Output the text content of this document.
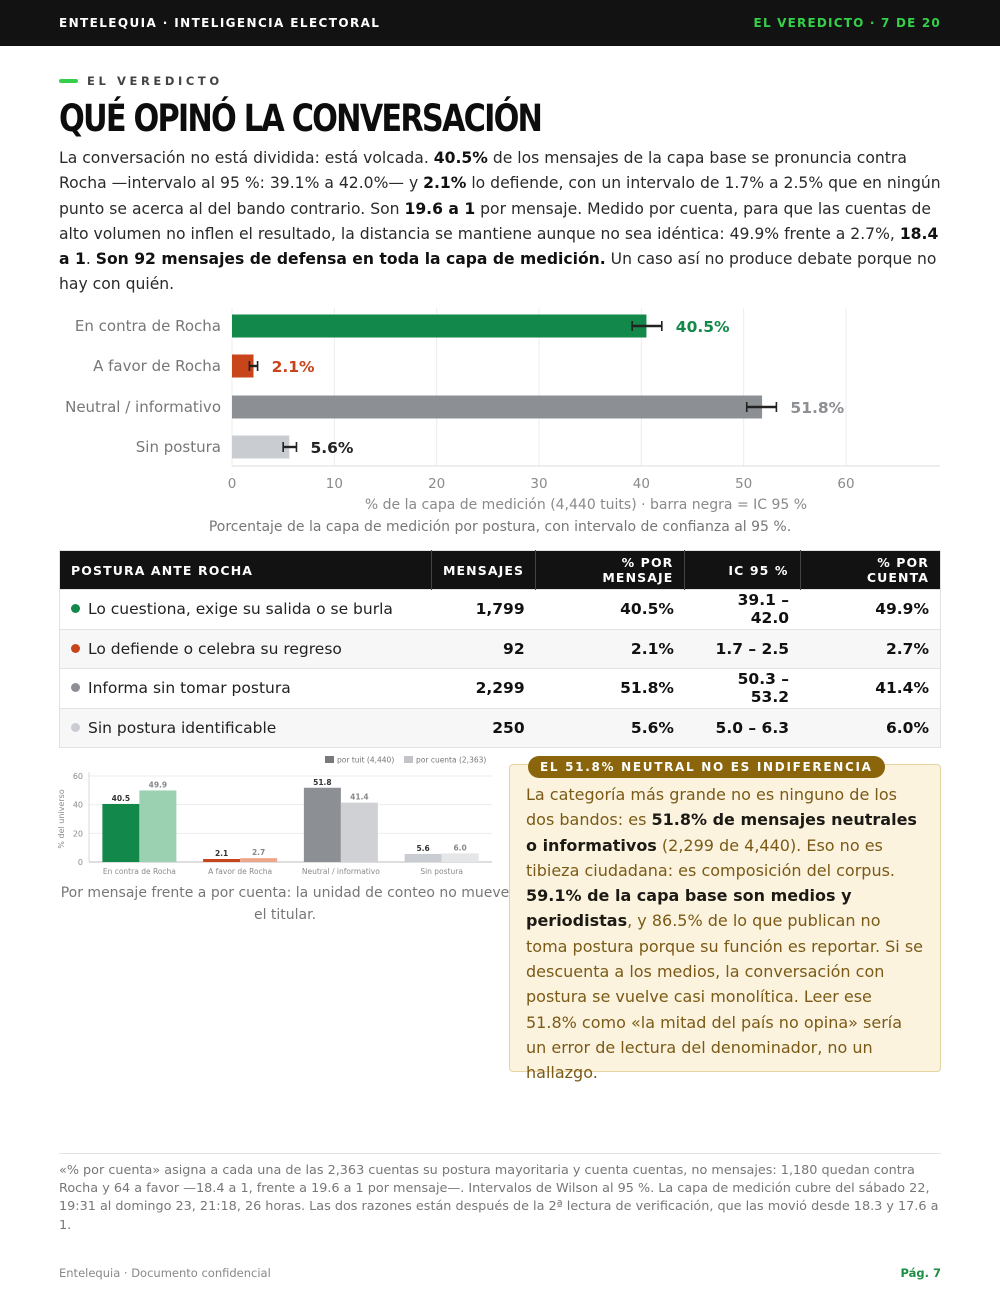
ENTELEQUIA · INTELIGENCIA ELECTORAL	EL VEREDICTO · 7 DE 20
EL VEREDICTO
QUÉ OPINÓ LA CONVERSACIÓN

La conversación no está dividida: está volcada. 40.5% de los mensajes de la capa base se pronuncia contra Rocha —intervalo al 95 %: 39.1% a 42.0%— y 2.1% lo defiende, con un intervalo de 1.7% a 2.5% que en ningún punto se acerca al del bando contrario. Son 19.6 a 1 por mensaje. Medido por cuenta, para que las cuentas de alto volumen no inflen el resultado, la distancia se mantiene aunque no sea idéntica: 49.9% frente a 2.7%, 18.4 a 1. Son 92 mensajes de defensa en toda la capa de medición. Un caso así no produce debate porque no hay con quién.

0	10	20	30	40	50	60
En contra de Rocha	40.5%
A favor de Rocha	2.1%
Neutral / informativo	51.8%
Sin postura	5.6%
% de la capa de medición (4,440 tuits) · barra negra = IC 95 %
Porcentaje de la capa de medición por postura, con intervalo de confianza al 95 %.
POSTURA ANTE ROCHA	MENSAJES	% POR MENSAJE	IC 95 %	% POR CUENTA
Lo cuestiona, exige su salida o se burla	1,799	40.5%	39.1 – 42.0	49.9%
Lo defiende o celebra su regreso	92	2.1%	1.7 – 2.5	2.7%
Informa sin tomar postura	2,299	51.8%	50.3 – 53.2	41.4%
Sin postura identificable	250	5.6%	5.0 – 6.3	6.0%
0
20
40
60
% del universo	40.5
49.9
En contra de Rocha
2.1	2.7
A favor de Rocha
51.8
41.4
Neutral / informativo
5.6	6.0
Sin postura
por tuit (4,440)	por cuenta (2,363)
Por mensaje frente a por cuenta: la unidad de conteo no mueve el titular.
EL 51.8% NEUTRAL NO ES INDIFERENCIA

La categoría más grande no es ninguno de los dos bandos: es 51.8% de mensajes neutrales o informativos (2,299 de 4,440). Eso no es tibieza ciudadana: es composición del corpus. 59.1% de la capa base son medios y periodistas, y 86.5% de lo que publican no toma postura porque su función es reportar. Si se descuenta a los medios, la conversación con postura se vuelve casi monolítica. Leer ese 51.8% como «la mitad del país no opina» sería un error de lectura del denominador, no un hallazgo.

«% por cuenta» asigna a cada una de las 2,363 cuentas su postura mayoritaria y cuenta cuentas, no mensajes: 1,180 quedan contra Rocha y 64 a favor —18.4 a 1, frente a 19.6 a 1 por mensaje—. Intervalos de Wilson al 95 %. La capa de medición cubre del sábado 22, 19:31 al domingo 23, 21:18, 26 horas. Las dos razones están después de la 2ª lectura de verificación, que las movió desde 18.3 y 17.6 a 1.
Entelequia · Documento confidencial	Pág. 7
